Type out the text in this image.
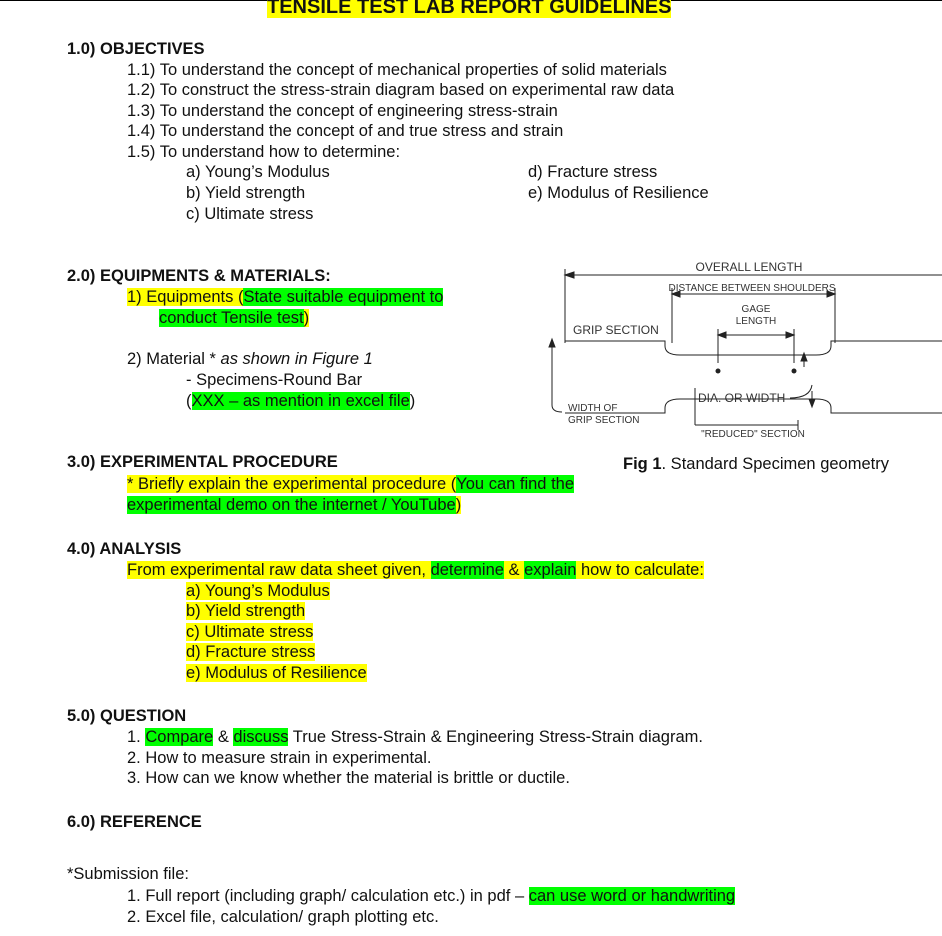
TENSILE TEST LAB REPORT GUIDELINES
1.0) OBJECTIVES
1.1) To understand the concept of mechanical properties of solid materials
1.2) To construct the stress-strain diagram based on experimental raw data
1.3) To understand the concept of engineering stress-strain
1.4) To understand the concept of and true stress and strain
1.5) To understand how to determine:
a) Young’s Modulus
b) Yield strength
c) Ultimate stress
d) Fracture stress
e) Modulus of Resilience
2.0) EQUIPMENTS & MATERIALS:
1) Equipments (State suitable equipment to
conduct Tensile test)
2) Material * as shown in Figure 1
- Specimens-Round Bar
(XXX – as mention in excel file)
OVERALL LENGTH
DISTANCE BETWEEN SHOULDERS
GAGE
LENGTH
GRIP SECTION
WIDTH OF
GRIP SECTION
DIA. OR WIDTH
"REDUCED" SECTION
Fig 1. Standard Specimen geometry
3.0) EXPERIMENTAL PROCEDURE
* Briefly explain the experimental procedure (You can find the
experimental demo on the internet / YouTube)
4.0) ANALYSIS
From experimental raw data sheet given, determine & explain how to calculate:
a) Young’s Modulus
b) Yield strength
c) Ultimate stress
d) Fracture stress
e) Modulus of Resilience
5.0) QUESTION
1. Compare & discuss True Stress-Strain & Engineering Stress-Strain diagram.
2. How to measure strain in experimental.
3. How can we know whether the material is brittle or ductile.
6.0) REFERENCE
*Submission file:
1. Full report (including graph/ calculation etc.) in pdf – can use word or handwriting
2. Excel file, calculation/ graph plotting etc.
